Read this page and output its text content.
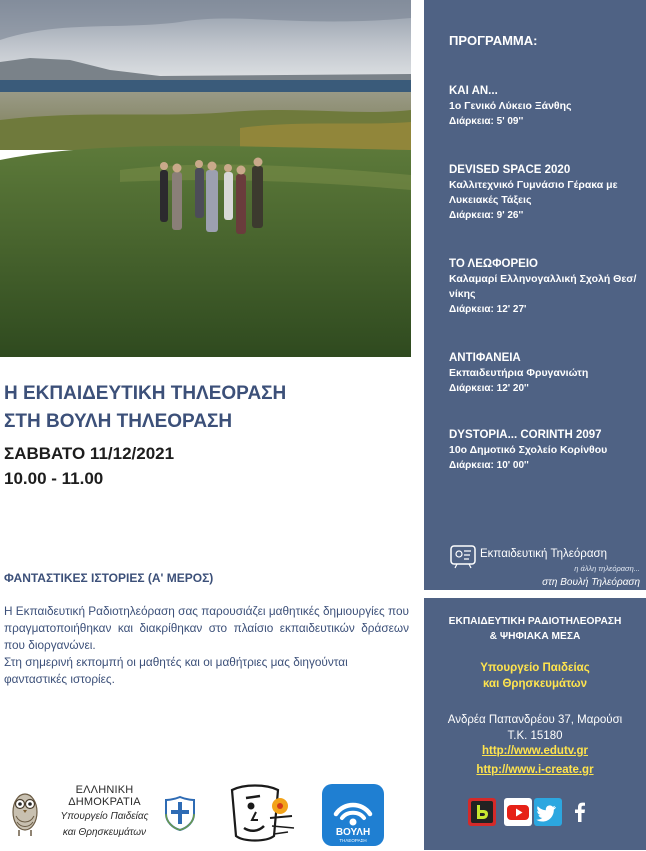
Η ΕΚΠΑΙΔΕΥΤΙΚΗ ΤΗΛΕΟΡΑΣΗ
ΣΤΗ ΒΟΥΛΗ ΤΗΛΕΟΡΑΣΗ
ΣΑΒΒΑΤΟ 11/12/2021
10.00 - 11.00
ΦΑΝΤΑΣΤΙΚΕΣ ΙΣΤΟΡΙΕΣ (Α' ΜΕΡΟΣ)

Η Εκπαιδευτική Ραδιοτηλεόραση σας παρουσιάζει μαθητικές δημιουργίες που πραγματοποιήθηκαν και διακρίθηκαν στο πλαίσιο εκπαιδευτικών δράσεων που διοργανώνει.

Στη σημερινή εκπομπή οι μαθητές και οι μαθήτριες μας διηγούνται φανταστικές ιστορίες.

ΠΡΟΓΡΑΜΜΑ:
ΚΑΙ ΑΝ...
1ο Γενικό Λύκειο Ξάνθης
Διάρκεια: 5' 09''
DEVISED SPACE 2020
Καλλιτεχνικό Γυμνάσιο Γέρακα με Λυκειακές Τάξεις
Διάρκεια: 9' 26''
ΤΟ ΛΕΩΦΟΡΕΙΟ
Καλαμαρί Ελληνογαλλική Σχολή Θεσ/νίκης
Διάρκεια: 12' 27'
ΑΝΤΙΦΑΝΕΙΑ
Εκπαιδευτήρια Φρυγανιώτη
Διάρκεια: 12' 20''
DYSTOPIA... CORINTH 2097
10ο Δημοτικό Σχολείο Κορίνθου
Διάρκεια: 10' 00''
Εκπαιδευτική Τηλεόραση
η άλλη τηλεόραση...
στη Βουλή Τηλεόραση
ΕΚΠΑΙΔΕΥΤΙΚΗ ΡΑΔΙΟΤΗΛΕΟΡΑΣΗ
& ΨΗΦΙΑΚΑ ΜΕΣΑ
Υπουργείο Παιδείας
και Θρησκευμάτων
Ανδρέα Παπανδρέου 37, Μαρούσι
Τ.Κ. 15180
http://www.edutv.gr
http://www.i-create.gr
ΕΛΛΗΝΙΚΗ ΔΗΜΟΚΡΑΤΙΑ
Υπουργείο Παιδείας
και Θρησκευμάτων	ΒΟΥΛΗ
ΤΗΛΕΟΡΑΣΗ
